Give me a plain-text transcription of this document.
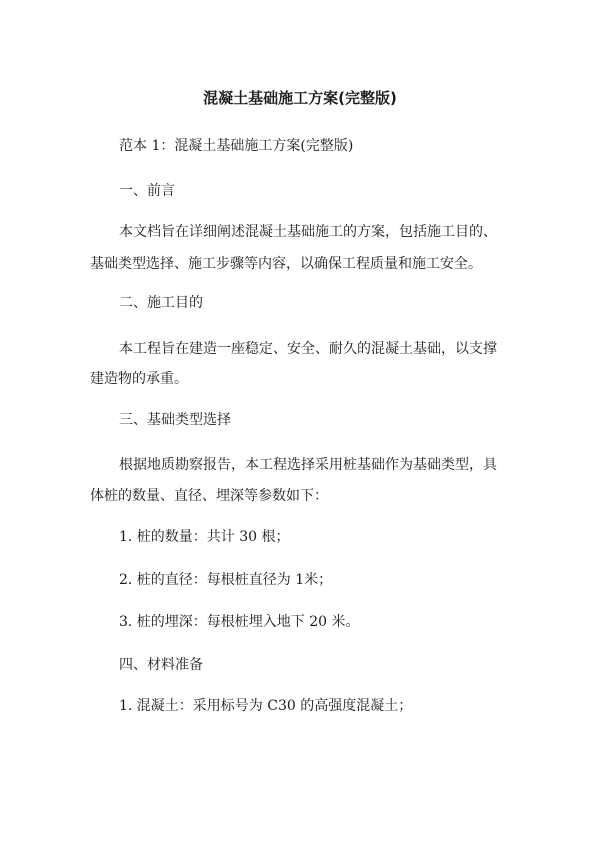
混凝土基础施工方案(完整版)
范本 1：混凝土基础施工方案(完整版)
一、前言
本文档旨在详细阐述混凝土基础施工的方案，包括施工目的、
基础类型选择、施工步骤等内容，以确保工程质量和施工安全。
二、施工目的
本工程旨在建造一座稳定、安全、耐久的混凝土基础，以支撑
建造物的承重。
三、基础类型选择
根据地质勘察报告，本工程选择采用桩基础作为基础类型，具
体桩的数量、直径、埋深等参数如下：
1. 桩的数量：共计 30 根；
2. 桩的直径：每根桩直径为 1米；
3. 桩的埋深：每根桩埋入地下 20 米。
四、材料准备
1. 混凝土：采用标号为 C30 的高强度混凝土；
